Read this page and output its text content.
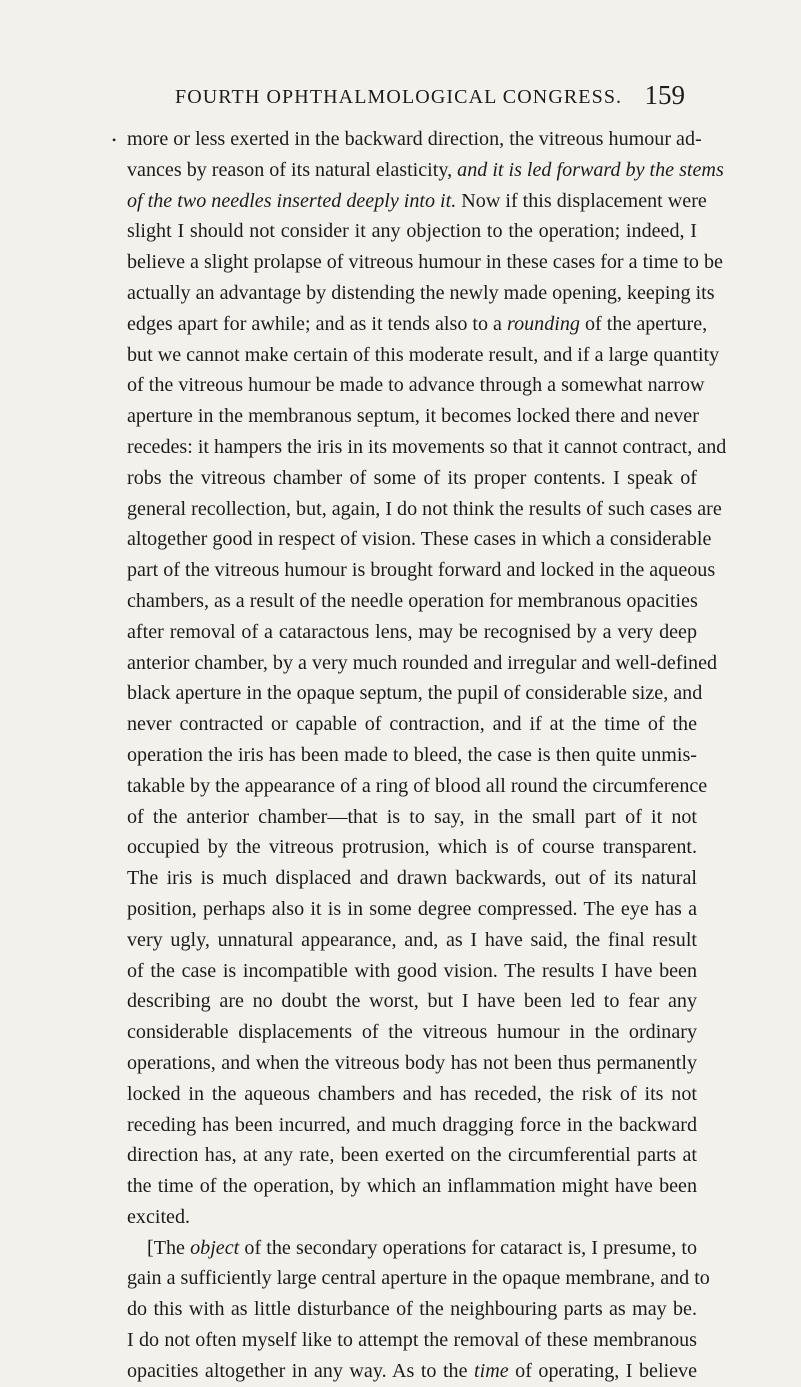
FOURTH OPHTHALMOLOGICAL CONGRESS. 159
• more or less exerted in the backward direction, the vitreous humour ad-
vances by reason of its natural elasticity, and it is led forward by the stems
of the two needles inserted deeply into it. Now if this displacement were
slight I should not consider it any objection to the operation; indeed, I
believe a slight prolapse of vitreous humour in these cases for a time to be
actually an advantage by distending the newly made opening, keeping its
edges apart for awhile; and as it tends also to a rounding of the aperture,
but we cannot make certain of this moderate result, and if a large quantity
of the vitreous humour be made to advance through a somewhat narrow
aperture in the membranous septum, it becomes locked there and never
recedes: it hampers the iris in its movements so that it cannot contract, and
robs the vitreous chamber of some of its proper contents. I speak of
general recollection, but, again, I do not think the results of such cases are
altogether good in respect of vision. These cases in which a considerable
part of the vitreous humour is brought forward and locked in the aqueous
chambers, as a result of the needle operation for membranous opacities
after removal of a cataractous lens, may be recognised by a very deep
anterior chamber, by a very much rounded and irregular and well-defined
black aperture in the opaque septum, the pupil of considerable size, and
never contracted or capable of contraction, and if at the time of the
operation the iris has been made to bleed, the case is then quite unmis-
takable by the appearance of a ring of blood all round the circumference
of the anterior chamber—that is to say, in the small part of it not
occupied by the vitreous protrusion, which is of course transparent.
The iris is much displaced and drawn backwards, out of its natural
position, perhaps also it is in some degree compressed. The eye has a
very ugly, unnatural appearance, and, as I have said, the final result
of the case is incompatible with good vision. The results I have been
describing are no doubt the worst, but I have been led to fear any
considerable displacements of the vitreous humour in the ordinary
operations, and when the vitreous body has not been thus permanently
locked in the aqueous chambers and has receded, the risk of its not
receding has been incurred, and much dragging force in the backward
direction has, at any rate, been exerted on the circumferential parts at
the time of the operation, by which an inflammation might have been
excited.
[The object of the secondary operations for cataract is, I presume, to
gain a sufficiently large central aperture in the opaque membrane, and to
do this with as little disturbance of the neighbouring parts as may be.
I do not often myself like to attempt the removal of these membranous
opacities altogether in any way. As to the time of operating, I believe
